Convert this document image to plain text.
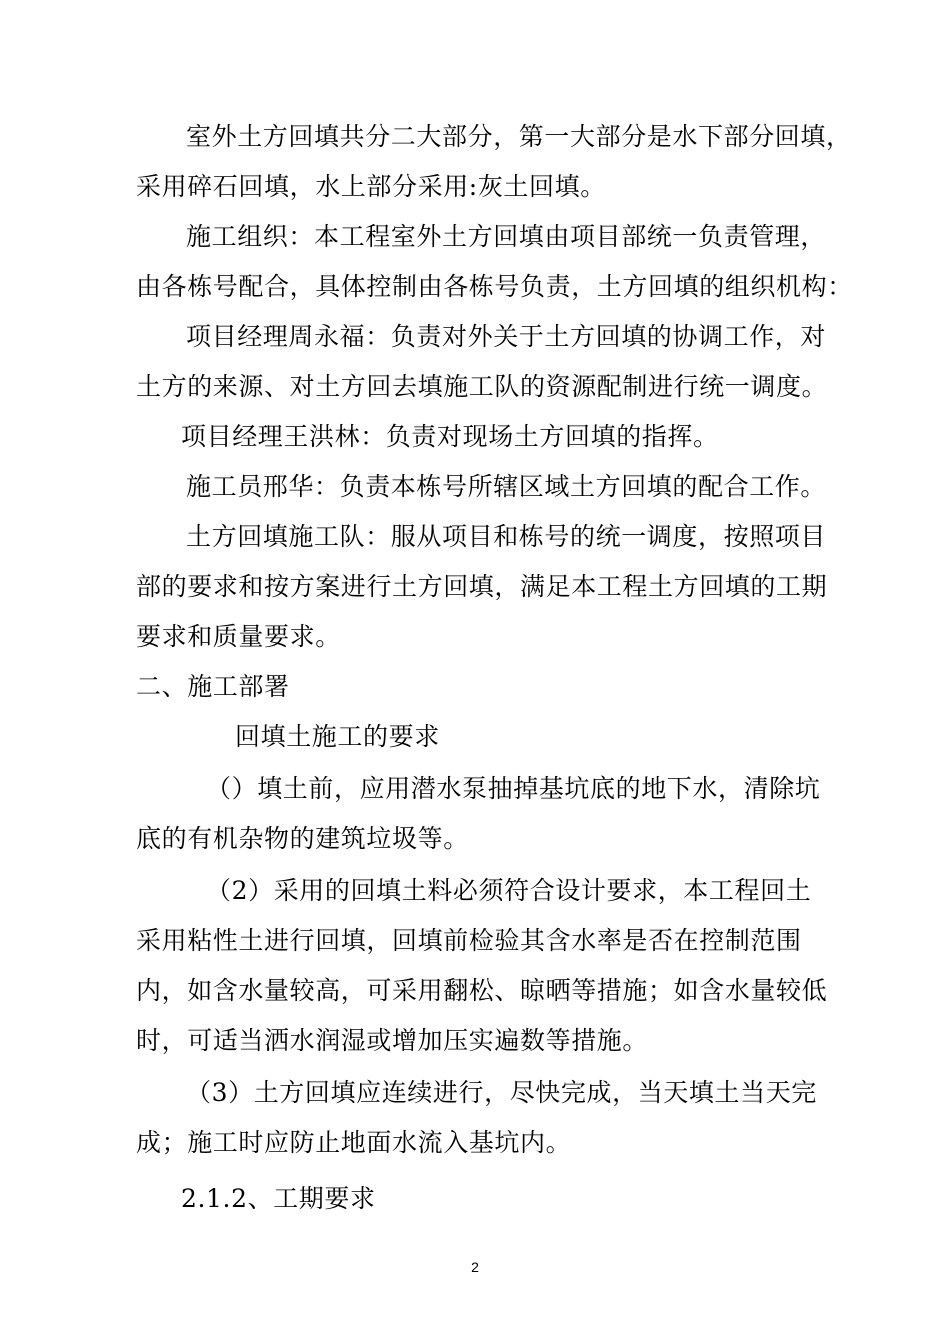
室外土方回填共分二大部分，第一大部分是水下部分回填，
采用碎石回填，水上部分采用:灰土回填。
施工组织：本工程室外土方回填由项目部统一负责管理，
由各栋号配合，具体控制由各栋号负责，土方回填的组织机构：
项目经理周永福：负责对外关于土方回填的协调工作，对
土方的来源、对土方回去填施工队的资源配制进行统一调度。
项目经理王洪林：负责对现场土方回填的指挥。
施工员邢华：负责本栋号所辖区域土方回填的配合工作。
土方回填施工队：服从项目和栋号的统一调度，按照项目
部的要求和按方案进行土方回填，满足本工程土方回填的工期
要求和质量要求。
二、施工部署
回填土施工的要求
（）填土前，应用潜水泵抽掉基坑底的地下水，清除坑
底的有机杂物的建筑垃圾等。
（2）采用的回填土料必须符合设计要求，本工程回土
采用粘性土进行回填，回填前检验其含水率是否在控制范围
内，如含水量较高，可采用翻松、晾晒等措施；如含水量较低
时，可适当洒水润湿或增加压实遍数等措施。
（3）土方回填应连续进行，尽快完成，当天填土当天完
成；施工时应防止地面水流入基坑内。
2.1.2、工期要求
2
